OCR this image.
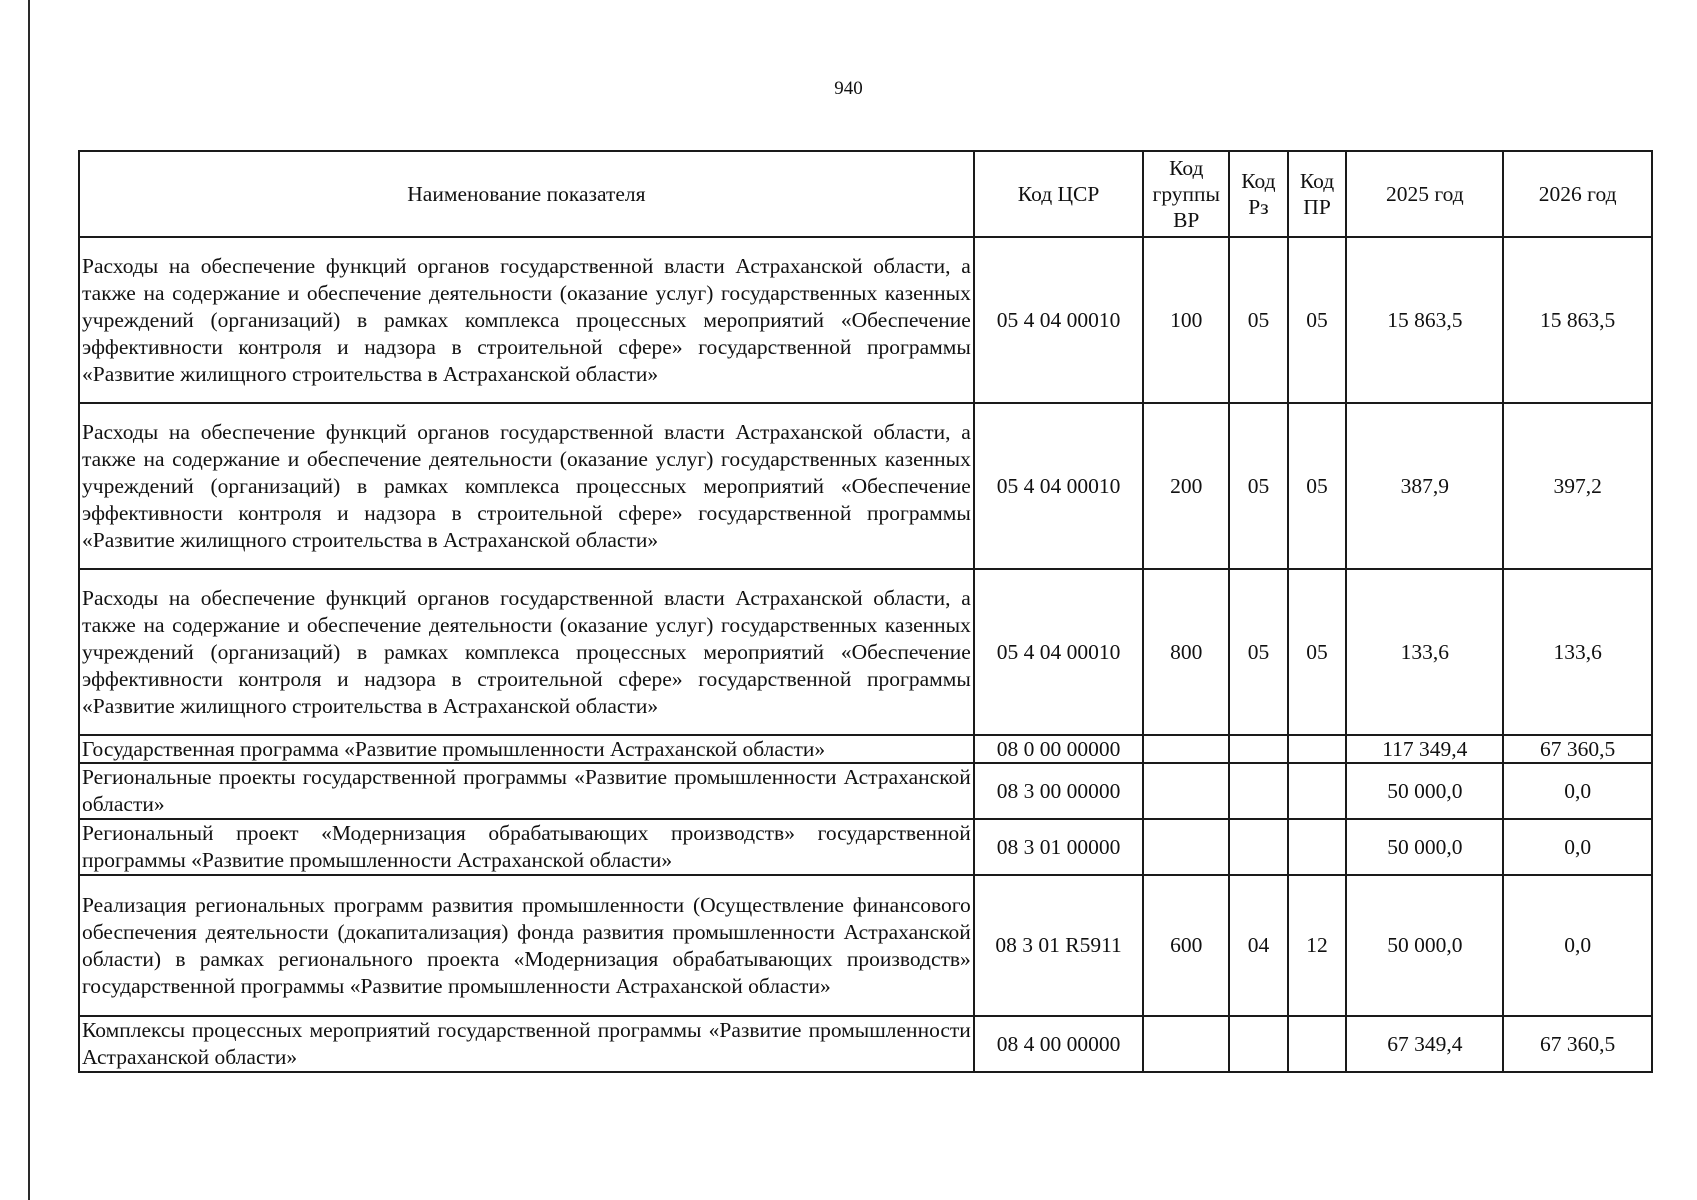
940
Наименование показателя	Код ЦСР	Код группы ВР	Код Рз	Код ПР	2025 год	2026 год
Расходы на обеспечение функций органов государственной власти Астраханской области, а также на содержание и обеспечение деятельности (оказание услуг) государственных казенных учреждений (организаций) в рамках комплекса процессных мероприятий «Обеспечение эффективности контроля и надзора в строительной сфере» государственной программы «Развитие жилищного строительства в Астраханской области»	05 4 04 00010	100	05	05	15 863,5	15 863,5
Расходы на обеспечение функций органов государственной власти Астраханской области, а также на содержание и обеспечение деятельности (оказание услуг) государственных казенных учреждений (организаций) в рамках комплекса процессных мероприятий «Обеспечение эффективности контроля и надзора в строительной сфере» государственной программы «Развитие жилищного строительства в Астраханской области»	05 4 04 00010	200	05	05	387,9	397,2
Расходы на обеспечение функций органов государственной власти Астраханской области, а также на содержание и обеспечение деятельности (оказание услуг) государственных казенных учреждений (организаций) в рамках комплекса процессных мероприятий «Обеспечение эффективности контроля и надзора в строительной сфере» государственной программы «Развитие жилищного строительства в Астраханской области»	05 4 04 00010	800	05	05	133,6	133,6
Государственная программа «Развитие промышленности Астраханской области»	08 0 00 00000				117 349,4	67 360,5
Региональные проекты государственной программы «Развитие промышленности Астраханской области»	08 3 00 00000				50 000,0	0,0
Региональный проект «Модернизация обрабатывающих производств» государственной программы «Развитие промышленности Астраханской области»	08 3 01 00000				50 000,0	0,0
Реализация региональных программ развития промышленности (Осуществление финансового обеспечения деятельности (докапитализация) фонда развития промышленности Астраханской области) в рамках регионального проекта «Модернизация обрабатывающих производств» государственной программы «Развитие промышленности Астраханской области»	08 3 01 R5911	600	04	12	50 000,0	0,0
Комплексы процессных мероприятий государственной программы «Развитие промышленности Астраханской области»	08 4 00 00000				67 349,4	67 360,5
